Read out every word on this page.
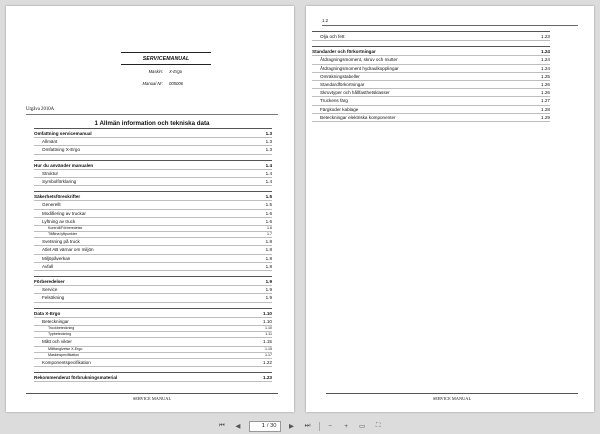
SERVICEMANUAL
Maskin: X-Ergo
Manual Nr: 005006
Utgåva 2010A
1 Allmän information och tekniska data
SERVICE MANUAL
1.2
SERVICE MANUAL
Omfattning servicemanual	1.3
Allmänt	1.3
Omfattning X-Ergo	1.3
Hur du använder manualen	1.4
Struktur	1.4
Symbolförklaring	1.4
Säkerhetsföreskrifter	1.5
Generellt	1.5
Modifiering av truckar	1.6
Lyftning av truck	1.6
Kontroll/Förberedelse	1.6
Tillåtna lyftpunkter	1.7
Svetsning på truck	1.8
Atlet AB värnar om miljön	1.8
Miljöpåverkan	1.8
Avfall	1.8
Förberedelser	1.9
Service	1.9
Felsökning	1.9
Data X-Ergo	1.10
Beteckningar	1.10
Truckbeteckning	1.10
Typbeteckning	1.11
Mått och vikter	1.15
Måttangivelse X-Ergo	1.15
Maskinspecifikation	1.17
Komponentspecifikation	1.22
Rekommenderat förbrukningsmaterial	1.23
Olja och fett	1.23
Standarder och förkortningar	1.24
Åtdragningsmoment, skruv och mutter	1.24
Åtdragningsmoment hydraulkopplingar	1.24
Omräkningstabeller	1.25
Standardförkortningar	1.26
Skruvtyper och hållfasthetsklasser	1.26
Truckens färg	1.27
Färgkoder kablage	1.28
Beteckningar elektriska komponenter	1.29
⏮	◀
1	/ 30	▶	⏭	−	+	▭	⛶
